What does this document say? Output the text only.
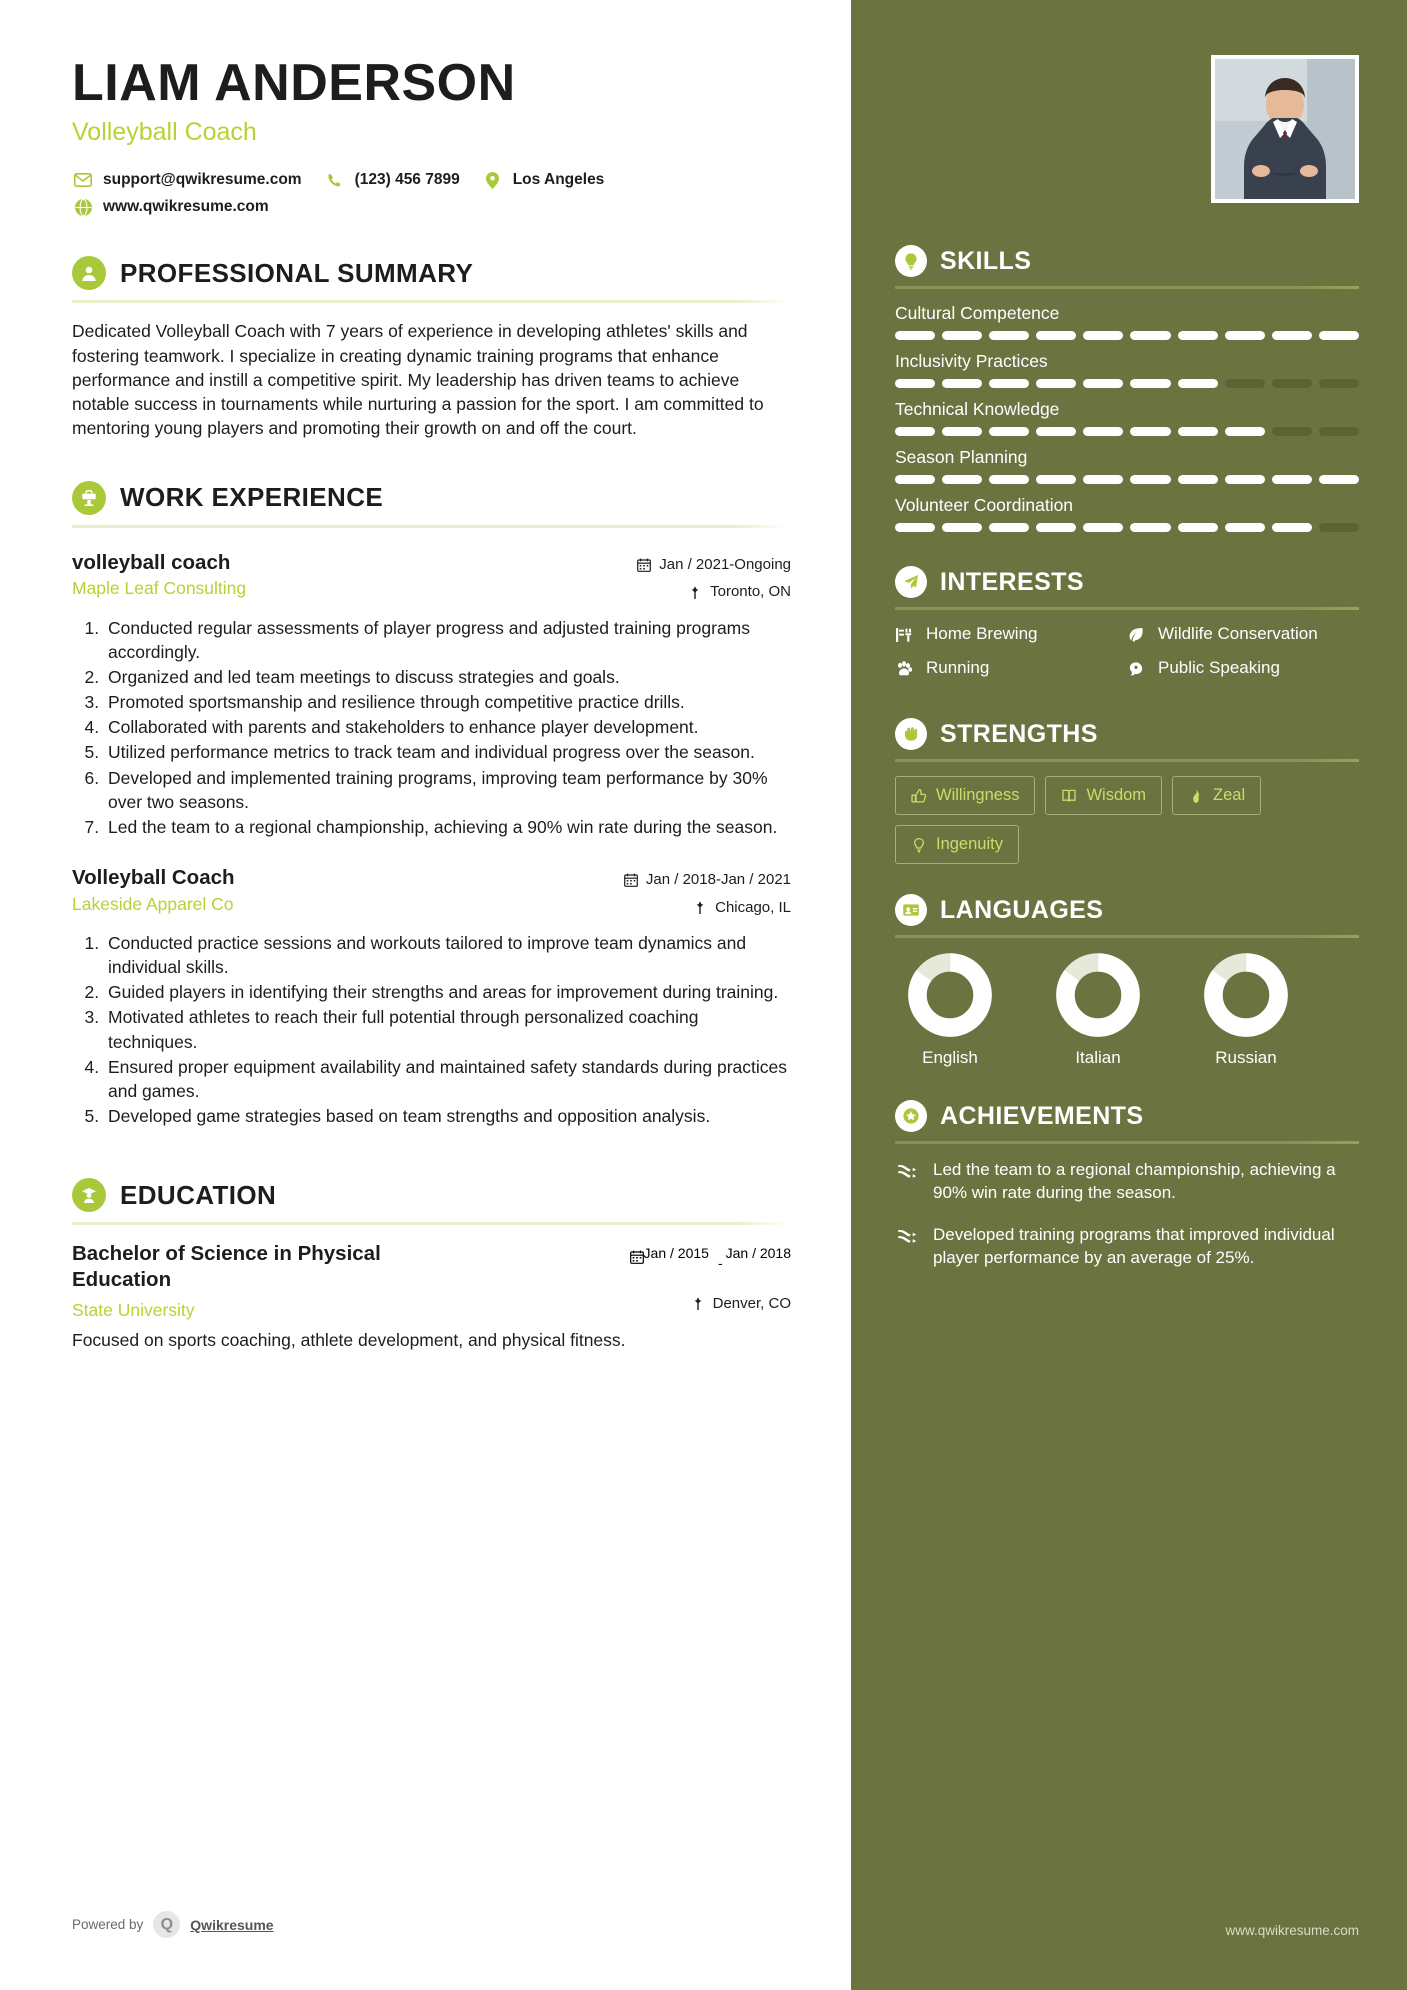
LIAM ANDERSON
Volleyball Coach
support@qwikresume.com	(123) 456 7899	Los Angeles
www.qwikresume.com
PROFESSIONAL SUMMARY

Dedicated Volleyball Coach with 7 years of experience in developing athletes' skills and fostering teamwork. I specialize in creating dynamic training programs that enhance performance and instill a competitive spirit. My leadership has driven teams to achieve notable success in tournaments while nurturing a passion for the sport. I am committed to mentoring young players and promoting their growth on and off the court.

WORK EXPERIENCE
volleyball coach
Maple Leaf Consulting
Jan / 2021-Ongoing
Toronto, ON
1. Conducted regular assessments of player progress and adjusted training programs accordingly.
2. Organized and led team meetings to discuss strategies and goals.
3. Promoted sportsmanship and resilience through competitive practice drills.
4. Collaborated with parents and stakeholders to enhance player development.
5. Utilized performance metrics to track team and individual progress over the season.
6. Developed and implemented training programs, improving team performance by 30% over two seasons.
7. Led the team to a regional championship, achieving a 90% win rate during the season.
Volleyball Coach
Lakeside Apparel Co
Jan / 2018-Jan / 2021
Chicago, IL
1. Conducted practice sessions and workouts tailored to improve team dynamics and individual skills.
2. Guided players in identifying their strengths and areas for improvement during training.
3. Motivated athletes to reach their full potential through personalized coaching techniques.
4. Ensured proper equipment availability and maintained safety standards during practices and games.
5. Developed game strategies based on team strengths and opposition analysis.
EDUCATION
Bachelor of Science in Physical Education
State University
Jan / 2015
-
Jan / 2018
Denver, CO
Focused on sports coaching, athlete development, and physical fitness.
Powered by	Q	Qwikresume
SKILLS
Cultural Competence
Inclusivity Practices
Technical Knowledge
Season Planning
Volunteer Coordination
INTERESTS
Home Brewing	Wildlife Conservation
Running	Public Speaking
STRENGTHS
Willingness	Wisdom	Zeal
Ingenuity
LANGUAGES
English	Italian	Russian
ACHIEVEMENTS
Led the team to a regional championship, achieving a 90% win rate during the season.
Developed training programs that improved individual player performance by an average of 25%.
www.qwikresume.com
